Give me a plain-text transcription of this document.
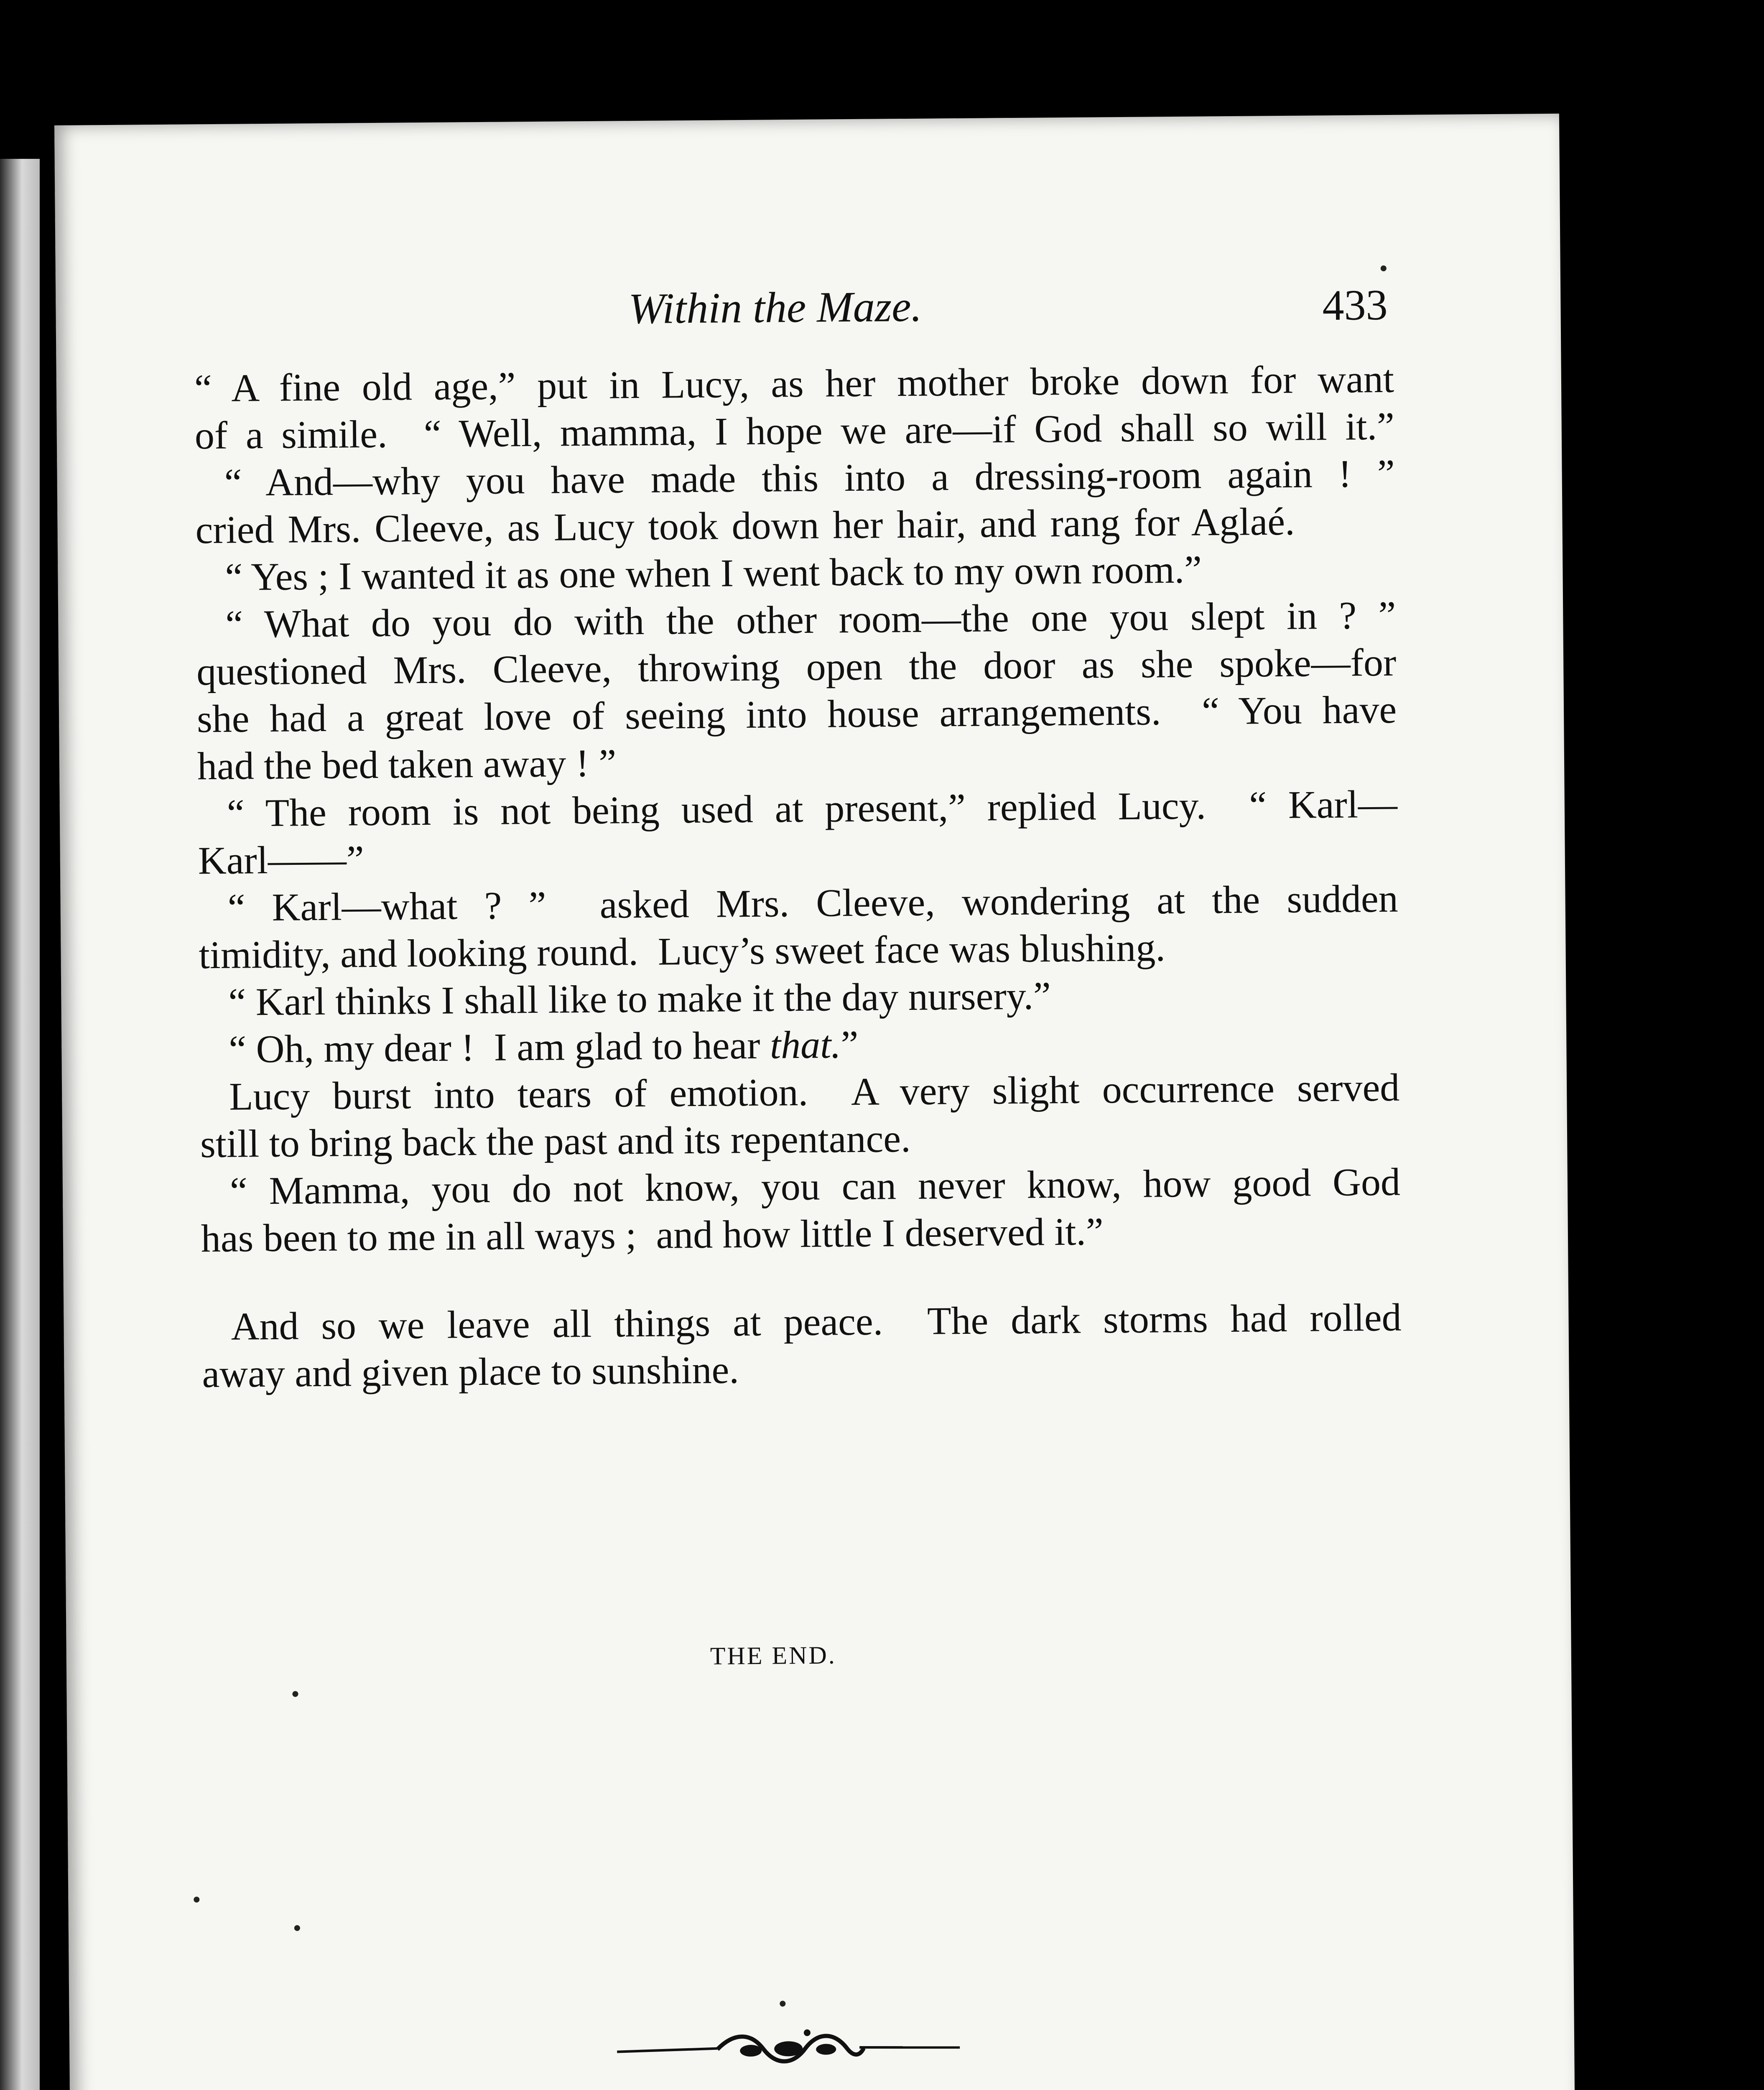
Within the Maze.	433
“ A fine old age,” put in Lucy, as her mother broke down for want
of a simile.  “ Well, mamma, I hope we are—if God shall so will it.”
“ And—why you have made this into a dressing-room again ! ”
cried Mrs. Cleeve, as Lucy took down her hair, and rang for Aglaé.
“ Yes ; I wanted it as one when I went back to my own room.”
“ What do you do with the other room—the one you slept in ? ”
questioned Mrs. Cleeve, throwing open the door as she spoke—for
she had a great love of seeing into house arrangements.  “ You have
had the bed taken away ! ”
“ The room is not being used at present,” replied Lucy.  “ Karl—
Karl——”
“ Karl—what ? ”  asked Mrs. Cleeve, wondering at the sudden
timidity, and looking round.  Lucy’s sweet face was blushing.
“ Karl thinks I shall like to make it the day nursery.”
“ Oh, my dear !  I am glad to hear that.”
Lucy burst into tears of emotion.  A very slight occurrence served
still to bring back the past and its repentance.
“ Mamma, you do not know, you can never know, how good God
has been to me in all ways ;  and how little I deserved it.”
And so we leave all things at peace.  The dark storms had rolled
away and given place to sunshine.
THE END.
